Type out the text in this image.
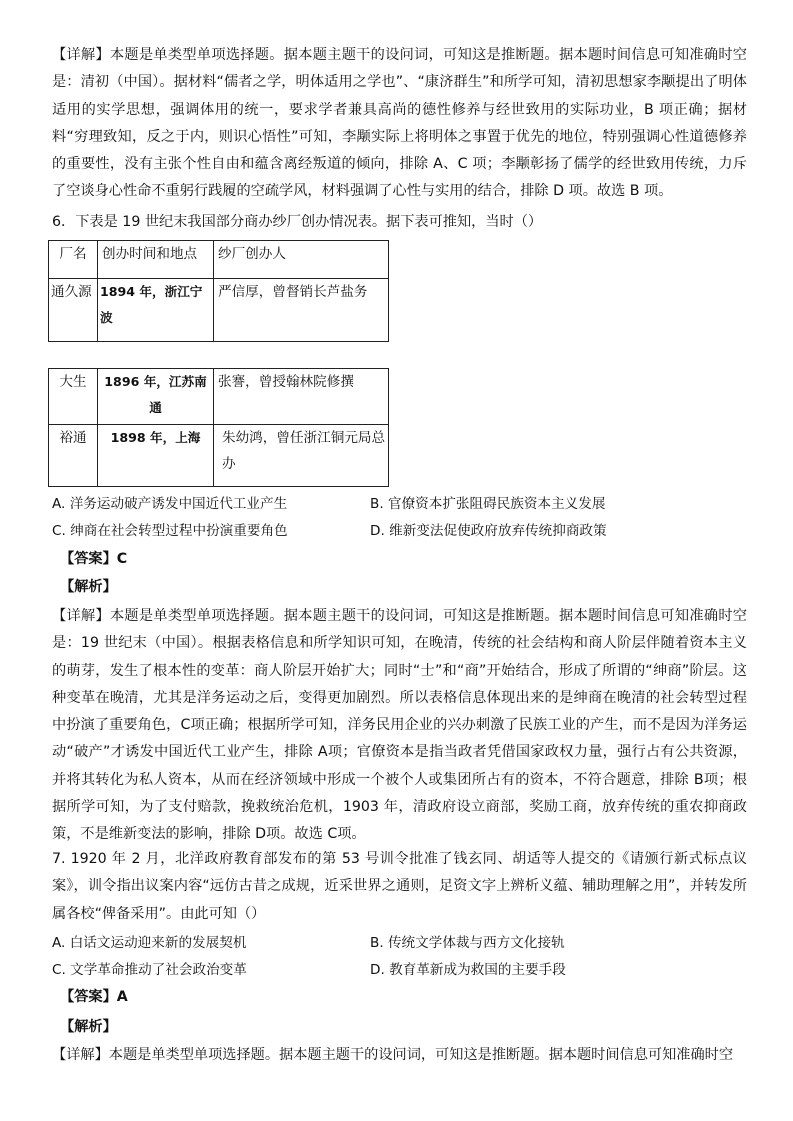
【详解】本题是单类型单项选择题。据本题主题干的设问词，可知这是推断题。据本题时间信息可知准确时空是：清初（中国）。据材料“儒者之学，明体适用之学也”、“康济群生”和所学可知，清初思想家李颙提出了明体适用的实学思想，强调体用的统一，要求学者兼具高尚的德性修养与经世致用的实际功业，B 项正确；据材料“穷理致知，反之于内，则识心悟性”可知，李颙实际上将明体之事置于优先的地位，特别强调心性道德修养的重要性，没有主张个性自由和蕴含离经叛道的倾向，排除 A、C 项；李颙彰扬了儒学的经世致用传统，力斥了空谈身心性命不重躬行践履的空疏学风，材料强调了心性与实用的结合，排除 D 项。故选 B 项。

6．下表是 19 世纪末我国部分商办纱厂创办情况表。据下表可推知，当时（）
厂名	创办时间和地点	纱厂创办人

通久源	1894 年，浙江宁波	严信厚，曾督销长芦盐务
大生	1896 年，江苏南通	张謇，曾授翰林院修撰

裕通	1898 年，上海	朱幼鸿，曾任浙江铜元局总办
A. 洋务运动破产诱发中国近代工业产生	B. 官僚资本扩张阻碍民族资本主义发展
C. 绅商在社会转型过程中扮演重要角色	D. 维新变法促使政府放弃传统抑商政策
【答案】C
【解析】

【详解】本题是单类型单项选择题。据本题主题干的设问词，可知这是推断题。据本题时间信息可知准确时空是：19 世纪末（中国）。根据表格信息和所学知识可知，在晚清，传统的社会结构和商人阶层伴随着资本主义的萌芽，发生了根本性的变革：商人阶层开始扩大；同时“士”和“商”开始结合，形成了所谓的“绅商”阶层。这种变革在晚清，尤其是洋务运动之后，变得更加剧烈。所以表格信息体现出来的是绅商在晚清的社会转型过程中扮演了重要角色，C项正确；根据所学可知，洋务民用企业的兴办刺激了民族工业的产生，而不是因为洋务运动“破产”才诱发中国近代工业产生，排除 A项；官僚资本是指当政者凭借国家政权力量，强行占有公共资源，并将其转化为私人资本，从而在经济领域中形成一个被个人或集团所占有的资本，不符合题意，排除 B项；根据所学可知，为了支付赔款，挽救统治危机，1903 年，清政府设立商部，奖励工商，放弃传统的重农抑商政策，不是维新变法的影响，排除 D项。故选 C项。

7. 1920 年 2 月，北洋政府教育部发布的第 53 号训令批准了钱玄同、胡适等人提交的《请颁行新式标点议案》，训令指出议案内容“远仿古昔之成规，近采世界之通则，足资文字上辨析义蕴、辅助理解之用”，并转发所属各校“俾备采用”。由此可知（）

A. 白话文运动迎来新的发展契机	B. 传统文学体裁与西方文化接轨
C. 文学革命推动了社会政治变革	D. 教育革新成为救国的主要手段
【答案】A
【解析】
【详解】本题是单类型单项选择题。据本题主题干的设问词，可知这是推断题。据本题时间信息可知准确时空
